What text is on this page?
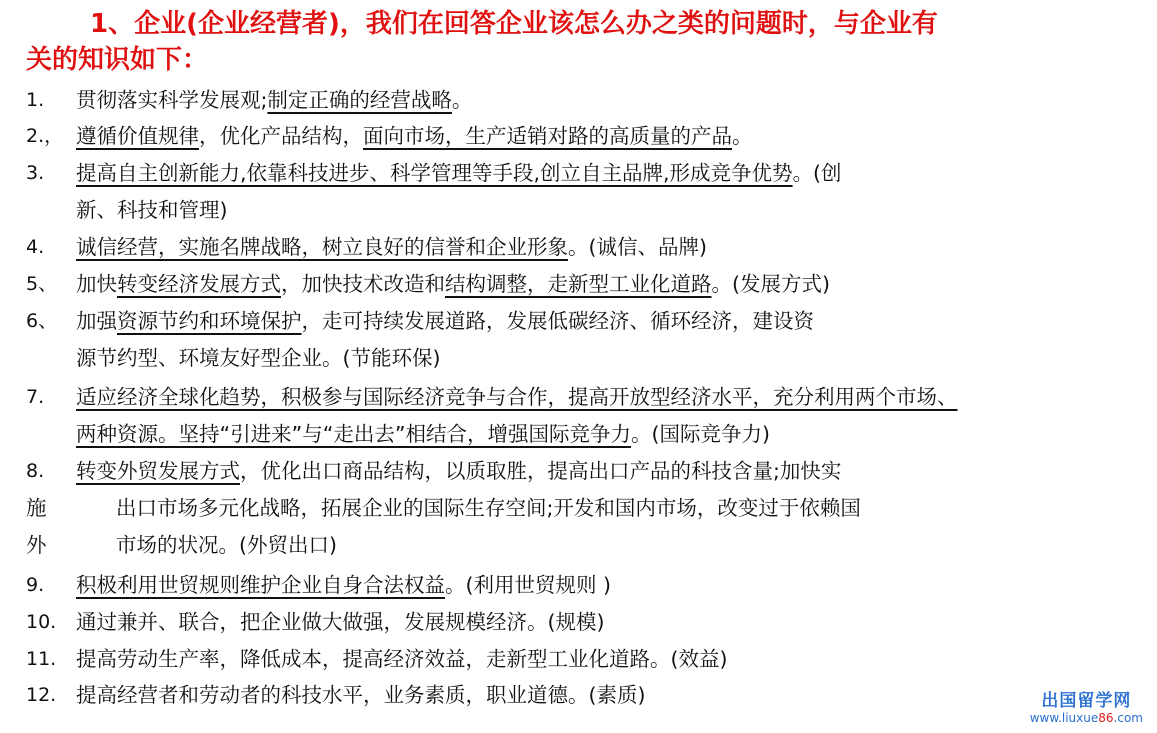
1、企业(企业经营者)，我们在回答企业该怎么办之类的问题时，与企业有
关的知识如下：
1. 贯彻落实科学发展观;制定正确的经营战略。
2.， 遵循价值规律，优化产品结构，面向市场，生产适销对路的高质量的产品。
3. 提高自主创新能力,依靠科技进步、科学管理等手段,创立自主品牌,形成竞争优势。(创
新、科技和管理)
4. 诚信经营，实施名牌战略，树立良好的信誉和企业形象。(诚信、品牌)
5、 加快转变经济发展方式，加快技术改造和结构调整，走新型工业化道路。(发展方式)
6、 加强资源节约和环境保护，走可持续发展道路，发展低碳经济、循环经济，建设资
源节约型、环境友好型企业。(节能环保)
7. 适应经济全球化趋势，积极参与国际经济竞争与合作，提高开放型经济水平，充分利用两个市场、
两种资源。坚持“引进来”与“走出去”相结合，增强国际竞争力。(国际竞争力)
8. 转变外贸发展方式，优化出口商品结构，以质取胜，提高出口产品的科技含量;加快实
出口市场多元化战略，拓展企业的国际生存空间;开发和国内市场，改变过于依赖国
施
市场的状况。(外贸出口)
外
9. 积极利用世贸规则维护企业自身合法权益。(利用世贸规则 )
10. 通过兼并、联合，把企业做大做强，发展规模经济。(规模)
11. 提高劳动生产率，降低成本，提高经济效益，走新型工业化道路。(效益)
12. 提高经营者和劳动者的科技水平，业务素质，职业道德。(素质)	出国留学网
www.liuxue86.com
